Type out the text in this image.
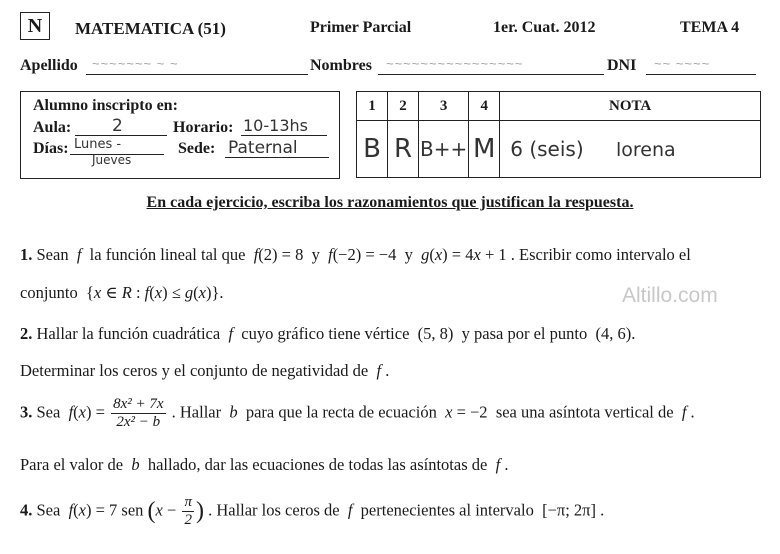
N	MATEMATICA (51)	Primer Parcial	1er. Cuat. 2012	TEMA 4
Apellido ~~~~~~~ ~ ~	Nombres ~~~~~~~~~~~~~~~~	DNI ~~ ~~~~
Alumno inscripto en:
Aula: 2	Horario: 10-13hs
Días: Lunes -
Jueves
Sede: Paternal
1	2	3	4	NOTA
B	R	B++	M	6 (seis) lorena
En cada ejercicio, escriba los razonamientos que justifican la respuesta.
1. Sean  f  la función lineal tal que  f(2) = 8  y  f(−2) = −4  y  g(x) = 4x + 1 . Escribir como intervalo el
conjunto  {x ∈ R : f(x) ≤ g(x)}.	Altillo.com
2. Hallar la función cuadrática  f  cuyo gráfico tiene vértice  (5, 8)  y pasa por el punto  (4, 6).
Determinar los ceros y el conjunto de negatividad de  f .
3. Sea  $f(x) = \frac{\text{8x² + 7x}}{\text{2x² − b}}$ . Hallar  b  para que la recta de ecuación x = −2  sea una asíntota vertical de  f .
Para el valor de  b  hallado, dar las ecuaciones de todas las asíntotas de  f .
4. Sea  f(x) = 7 sen ($x - \frac{\pi}{2}$ ) . Hallar los ceros de  f  pertenecientes al intervalo  [−π; 2π] .
